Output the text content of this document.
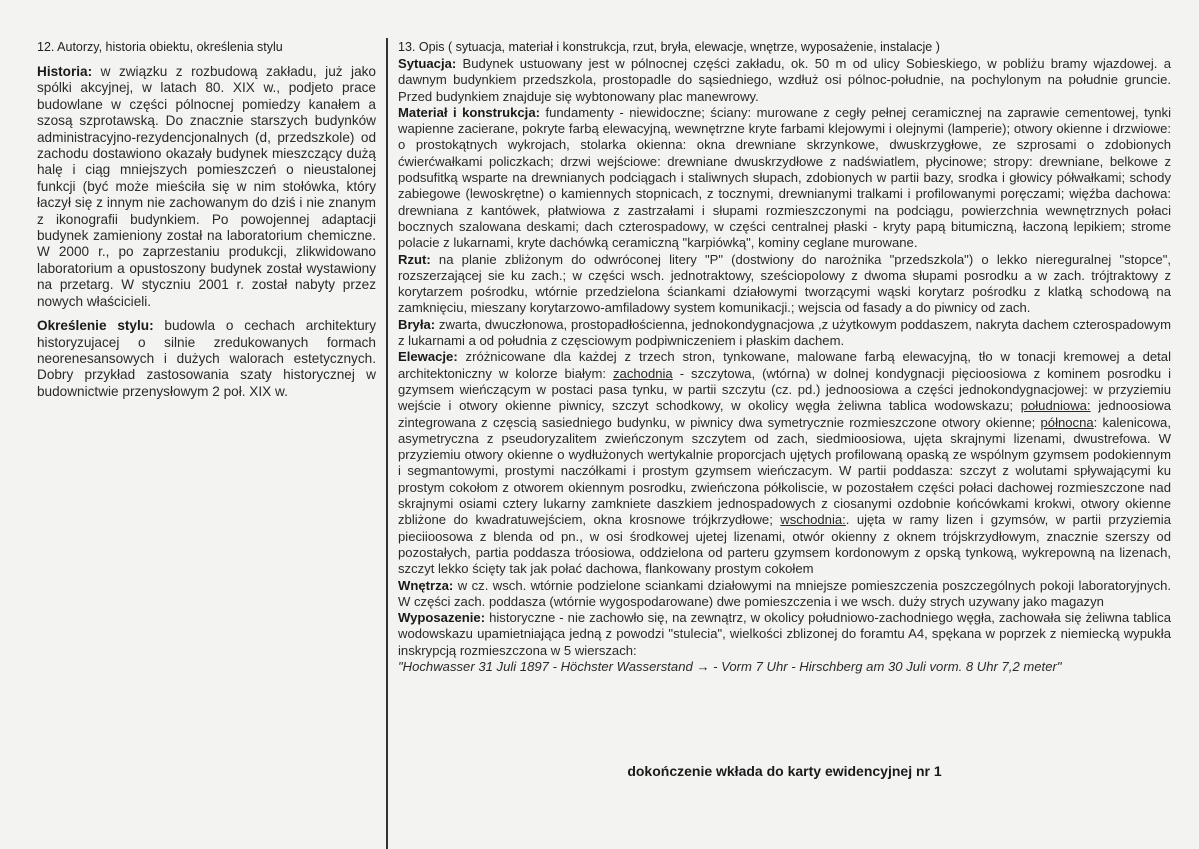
12. Autorzy, historia obiektu, określenia stylu

Historia: w związku z rozbudową zakładu, już jako spólki akcyjnej, w latach 80. XIX w., podjeto prace budowlane w części pólnocnej pomiedzy kanałem a szosą szprotawską. Do znacznie starszych budynków administracyjno-rezydencjonalnych (d, przedszkole) od zachodu dostawiono okazały budynek mieszczący dużą halę i ciąg mniejszych pomieszczeń o nieustalonej funkcji (być może mieściła się w nim stołówka, który łaczył się z innym nie zachowanym do dziś i nie znanym z ikonografii budynkiem. Po powojennej adaptacji budynek zamieniony został na laboratorium chemiczne. W 2000 r., po zaprzestaniu produkcji, zlikwidowano laboratorium a opustoszony budynek został wystawiony na przetarg. W styczniu 2001 r. został nabyty przez nowych właścicieli.

Określenie stylu: budowla o cechach architektury historyzujacej o silnie zredukowanych formach neorenesansowych i dużych walorach estetycznych. Dobry przykład zastosowania szaty historycznej w budownictwie przenysłowym 2 poł. XIX w.

13. Opis ( sytuacja, materiał i konstrukcja, rzut, bryła, elewacje, wnętrze, wyposażenie, instalacje )

Sytuacja: Budynek ustuowany jest w pólnocnej części zakładu, ok. 50 m od ulicy Sobieskiego, w pobliżu bramy wjazdowej. a dawnym budynkiem przedszkola, prostopadle do sąsiedniego, wzdłuż osi pólnoc-południe, na pochylonym na południe gruncie. Przed budynkiem znajduje się wybtonowany plac manewrowy.

Materiał i konstrukcja: fundamenty - niewidoczne; ściany: murowane z cegły pełnej ceramicznej na zaprawie cementowej, tynki wapienne zacierane, pokryte farbą elewacyjną, wewnętrzne kryte farbami klejowymi i olejnymi (lamperie); otwory okienne i drzwiowe: o prostokątnych wykrojach, stolarka okienna: okna drewniane skrzynkowe, dwuskrzygłowe, ze szprosami o zdobionych ćwierćwałkami policzkach; drzwi wejściowe: drewniane dwuskrzydłowe z nadświatlem, płycinowe; stropy: drewniane, belkowe z podsufitką wsparte na drewnianych podciągach i staliwnych słupach, zdobionych w partii bazy, srodka i głowicy półwałkami; schody zabiegowe (lewoskrętne) o kamiennych stopnicach, z tocznymi, drewnianymi tralkami i profilowanymi poręczami; więźba dachowa: drewniana z kantówek, płatwiowa z zastrzałami i słupami rozmieszczonymi na podciągu, powierzchnia wewnętrznych połaci bocznych szalowana deskami; dach czterospadowy, w części centralnej płaski - kryty papą bitumiczną, łaczoną lepikiem; strome polacie z lukarnami, kryte dachówką ceramiczną "karpiówką", kominy ceglane murowane.

Rzut: na planie zbliżonym do odwróconej litery "P" (dostwiony do narożnika "przedszkola") o lekko niereguralnej "stopce", rozszerzającej sie ku zach.; w części wsch. jednotraktowy, sześciopolowy z dwoma słupami posrodku a w zach. trójtraktowy z korytarzem pośrodku, wtórnie przedzielona ściankami działowymi tworzącymi wąski korytarz pośrodku z klatką schodową na zamknięciu, mieszany korytarzowo-amfiladowy system komunikacji.; wejscia od fasady a do piwnicy od zach.

Bryła: zwarta, dwuczłonowa, prostopadłościenna, jednokondygnacjowa ,z użytkowym poddaszem, nakryta dachem czterospadowym z lukarnami a od południa z częsciowym podpiwniczeniem i płaskim dachem.

Elewacje: zróżnicowane dla każdej z trzech stron, tynkowane, malowane farbą elewacyjną, tło w tonacji kremowej a detal architektoniczny w kolorze białym: zachodnia - szczytowa, (wtórna) w dolnej kondygnacji pięcioosiowa z kominem posrodku i gzymsem wieńczącym w postaci pasa tynku, w partii szczytu (cz. pd.) jednoosiowa a części jednokondygnacjowej: w przyziemiu wejście i otwory okienne piwnicy, szczyt schodkowy, w okolicy węgła żeliwna tablica wodowskazu; południowa: jednoosiowa zintegrowana z częscią sasiedniego budynku, w piwnicy dwa symetrycznie rozmieszczone otwory okienne; północna: kalenicowa, asymetryczna z pseudoryzalitem zwieńczonym szczytem od zach, siedmioosiowa, ujęta skrajnymi lizenami, dwustrefowa. W przyziemiu otwory okienne o wydłużonych wertykalnie proporcjach ujętych profilowaną opaską ze wspólnym gzymsem podokiennym i segmantowymi, prostymi naczółkami i prostym gzymsem wieńczacym. W partii poddasza: szczyt z wolutami spływającymi ku prostym cokołom z otworem okiennym posrodku, zwieńczona półkoliscie, w pozostałem części połaci dachowej rozmieszczone nad skrajnymi osiami cztery lukarny zamkniete daszkiem jednospadowych z ciosanymi ozdobnie końcówkami krokwi, otwory okienne zbliżone do kwadratuwejściem, okna krosnowe trójkrzydłowe; wschodnia:. ujęta w ramy lizen i gzymsów, w partii przyziemia pieciioosowa z blenda od pn., w osi środkowej ujetej lizenami, otwór okienny z oknem trójskrzydłowym, znacznie szerszy od pozostałych, partia poddasza tróosiowa, oddzielona od parteru gzymsem kordonowym z opską tynkową, wykrepowną na lizenach, szczyt lekko ścięty tak jak połać dachowa, flankowany prostym cokołem

Wnętrza: w cz. wsch. wtórnie podzielone sciankami działowymi na mniejsze pomieszczenia poszczególnych pokoji laboratoryjnych. W części zach. poddasza (wtórnie wygospodarowane) dwe pomieszczenia i we wsch. duży strych uzywany jako magazyn

Wyposazenie: historyczne - nie zachowło się, na zewnątrz, w okolicy południowo-zachodniego węgła, zachowała się żeliwna tablica wodowskazu upamietniająca jedną z powodzi "stulecia", wielkości zblizonej do foramtu A4, spękana w poprzek z niemiecką wypukła inskrypcją rozmieszczona w 5 wierszach:

"Hochwasser 31 Juli 1897 - Höchster Wasserstand → - Vorm 7 Uhr - Hirschberg am 30 Juli vorm. 8 Uhr 7,2 meter"

dokończenie wkłada do karty ewidencyjnej nr 1
